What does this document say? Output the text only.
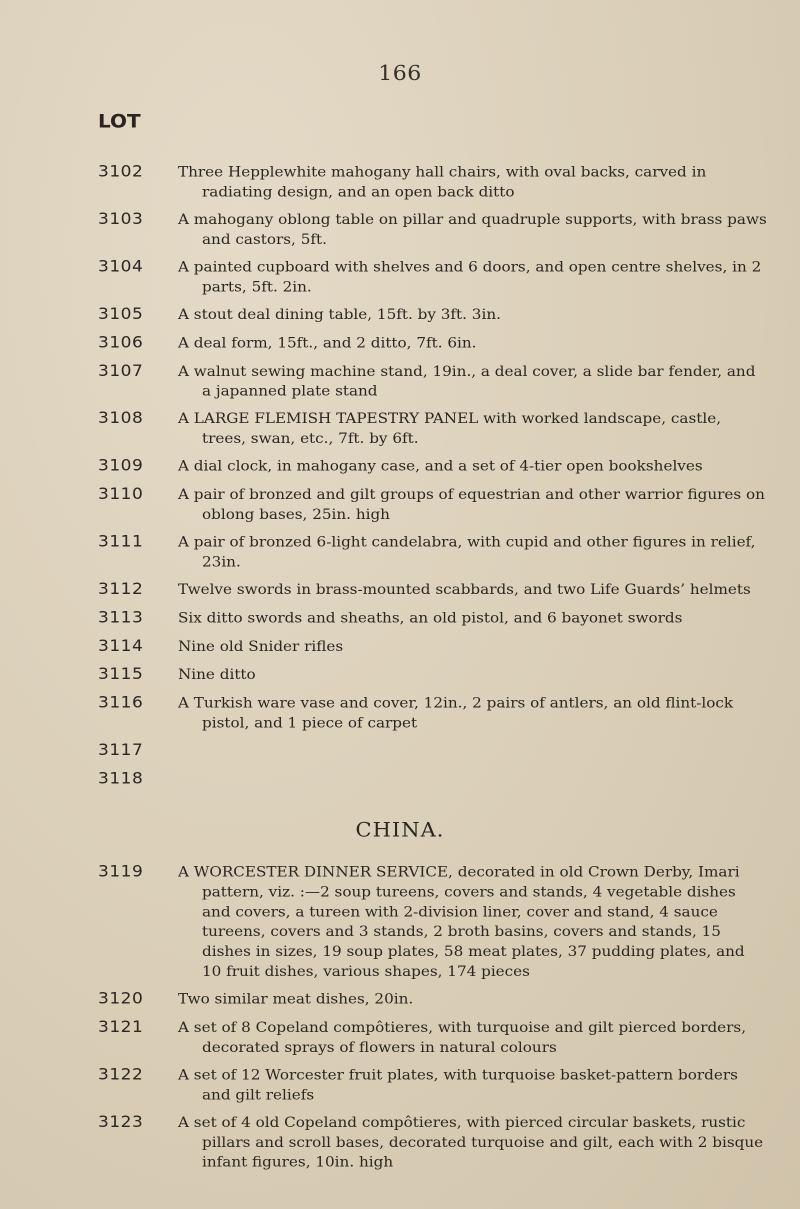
166
LOT
3102 Three Hepplewhite mahogany hall chairs, with oval backs, carved in radiating design, and an open back ditto
3103 A mahogany oblong table on pillar and quadruple supports, with brass paws and castors, 5ft.
3104 A painted cupboard with shelves and 6 doors, and open centre shelves, in 2 parts, 5ft. 2in.
3105 A stout deal dining table, 15ft. by 3ft. 3in.
3106 A deal form, 15ft., and 2 ditto, 7ft. 6in.
3107 A walnut sewing machine stand, 19in., a deal cover, a slide bar fender, and a japanned plate stand
3108 A LARGE FLEMISH TAPESTRY PANEL with worked landscape, castle, trees, swan, etc., 7ft. by 6ft.
3109 A dial clock, in mahogany case, and a set of 4-tier open bookshelves
3110 A pair of bronzed and gilt groups of equestrian and other warrior figures on oblong bases, 25in. high
3111 A pair of bronzed 6-light candelabra, with cupid and other figures in relief, 23in.
3112 Twelve swords in brass-mounted scabbards, and two Life Guards’ helmets
3113 Six ditto swords and sheaths, an old pistol, and 6 bayonet swords
3114 Nine old Snider rifles
3115 Nine ditto
3116 A Turkish ware vase and cover, 12in., 2 pairs of antlers, an old flint-lock pistol, and 1 piece of carpet
3117
3118
CHINA.
3119 A WORCESTER DINNER SERVICE, decorated in old Crown Derby, Imari pattern, viz. :—2 soup tureens, covers and stands, 4 vegetable dishes and covers, a tureen with 2-division liner, cover and stand, 4 sauce tureens, covers and 3 stands, 2 broth basins, covers and stands, 15 dishes in sizes, 19 soup plates, 58 meat plates, 37 pudding plates, and 10 fruit dishes, various shapes, 174 pieces
3120 Two similar meat dishes, 20in.
3121 A set of 8 Copeland compôtieres, with turquoise and gilt pierced borders, decorated sprays of flowers in natural colours
3122 A set of 12 Worcester fruit plates, with turquoise basket-pattern borders and gilt reliefs
3123 A set of 4 old Copeland compôtieres, with pierced circular baskets, rustic pillars and scroll bases, decorated turquoise and gilt, each with 2 bisque infant figures, 10in. high
